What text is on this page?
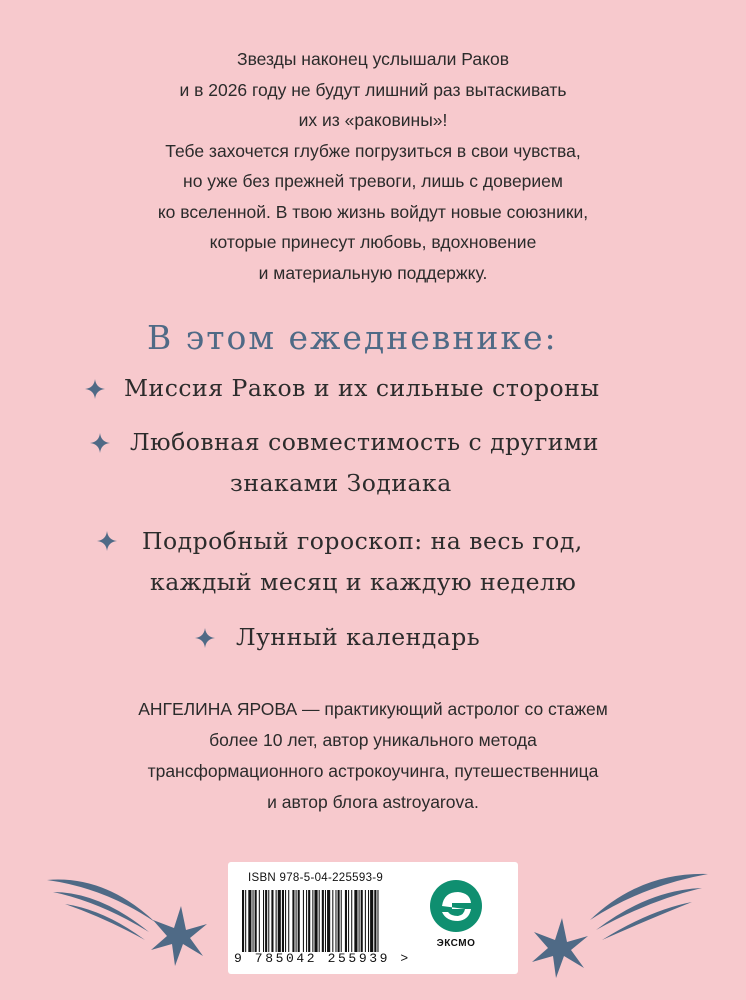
Звезды наконец услышали Раков
и в 2026 году не будут лишний раз вытаскивать
их из «раковины»!
Тебе захочется глубже погрузиться в свои чувства,
но уже без прежней тревоги, лишь с доверием
ко вселенной. В твою жизнь войдут новые союзники,
которые принесут любовь, вдохновение
и материальную поддержку.
В этом ежедневнике:
Миссия Раков и их сильные стороны
Любовная совместимость с другими
знаками Зодиака
Подробный гороскоп: на весь год,
каждый месяц и каждую неделю
Лунный календарь
АНГЕЛИНА ЯРОВА — практикующий астролог со стажем
более 10 лет, автор уникального метода
трансформационного астрокоучинга, путешественница
и автор блога astroyarova.
ISBN 978-5-04-225593-9
9 785042 255939 >
ЭКСМО
